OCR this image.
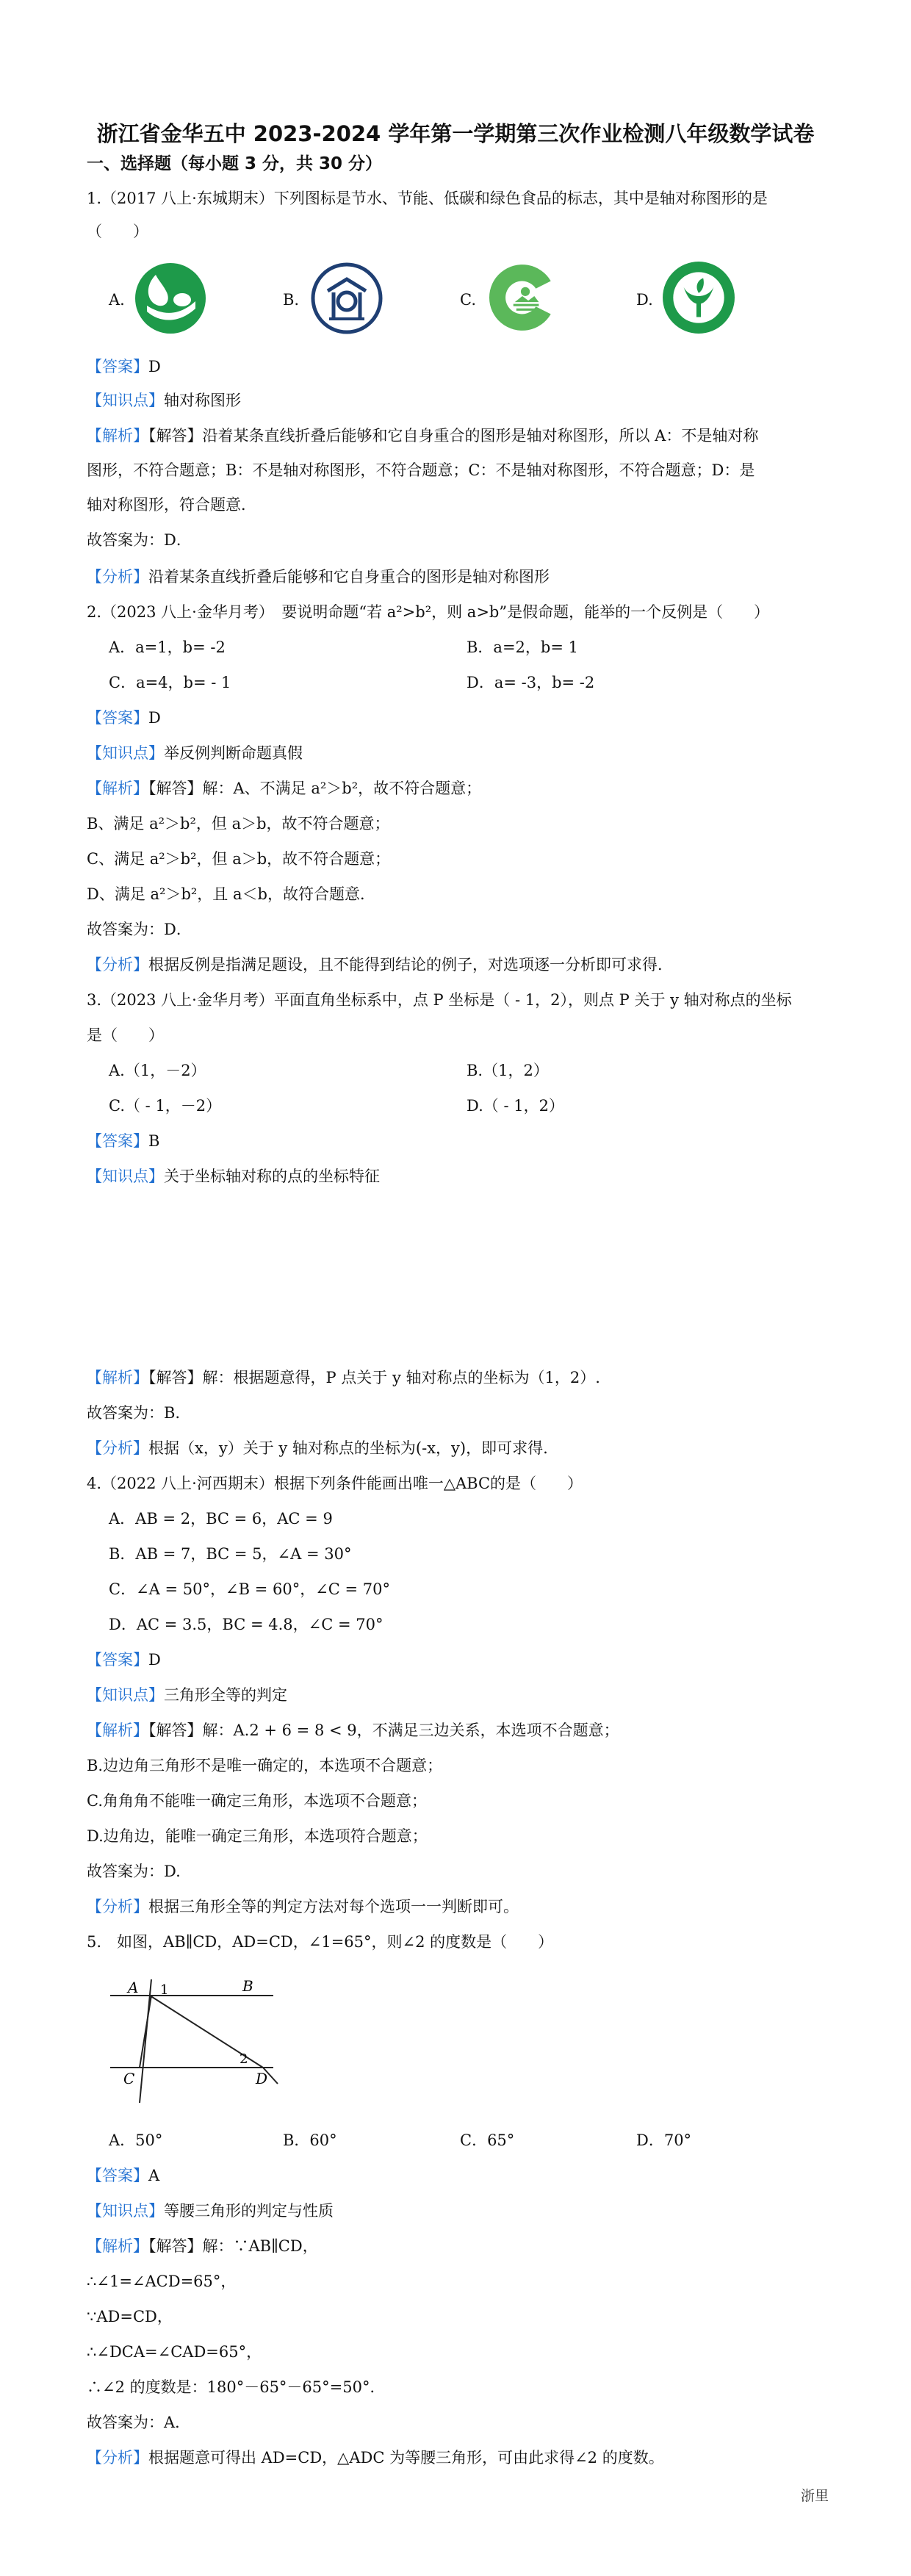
浙江省金华五中 2023-2024 学年第一学期第三次作业检测八年级数学试卷
一、选择题（每小题 3 分，共 30 分）
1.（2017 八上·东城期末）下列图标是节水、节能、低碳和绿色食品的标志，其中是轴对称图形的是
（　　）
A.	B.	C.	D.
【答案】D
【知识点】轴对称图形
【解析】【解答】沿着某条直线折叠后能够和它自身重合的图形是轴对称图形，所以 A：不是轴对称
图形，不符合题意；B：不是轴对称图形，不符合题意；C：不是轴对称图形，不符合题意；D：是
轴对称图形，符合题意．
故答案为：D．
【分析】沿着某条直线折叠后能够和它自身重合的图形是轴对称图形
2.（2023 八上·金华月考）　要说明命题“若 a²>b²，则 a>b”是假命题，能举的一个反例是（　　）
A．a=1，b= -2	B．a=2，b= 1
C．a=4，b= - 1	D．a= -3，b= -2
【答案】D
【知识点】举反例判断命题真假
【解析】【解答】解：A、不满足 a²＞b²，故不符合题意；
B、满足 a²＞b²，但 a＞b，故不符合题意；
C、满足 a²＞b²，但 a＞b，故不符合题意；
D、满足 a²＞b²，且 a＜b，故符合题意．
故答案为：D．
【分析】根据反例是指满足题设，且不能得到结论的例子，对选项逐一分析即可求得．
3.（2023 八上·金华月考）平面直角坐标系中，点 P 坐标是（ - 1，2），则点 P 关于 y 轴对称点的坐标
是（　　）
A.（1，－2）	B.（1，2）
C.（ - 1，－2）	D.（ - 1，2）
【答案】B
【知识点】关于坐标轴对称的点的坐标特征
【解析】【解答】解：根据题意得，P 点关于 y 轴对称点的坐标为（1，2）.
故答案为：B.
【分析】根据（x，y）关于 y 轴对称点的坐标为(-x，y)，即可求得.
4.（2022 八上·河西期末）根据下列条件能画出唯一△ABC的是（　　）
A．AB = 2，BC = 6，AC = 9
B．AB = 7，BC = 5，∠A = 30°
C．∠A = 50°，∠B = 60°，∠C = 70°
D．AC = 3.5，BC = 4.8，∠C = 70°
【答案】D
【知识点】三角形全等的判定
【解析】【解答】解：A.2 + 6 = 8 < 9，不满足三边关系，本选项不合题意；
B.边边角三角形不是唯一确定的，本选项不合题意；
C.角角角不能唯一确定三角形，本选项不合题意；
D.边角边，能唯一确定三角形，本选项符合题意；
故答案为：D.
【分析】根据三角形全等的判定方法对每个选项一一判断即可。
5.　如图，AB∥CD，AD=CD，∠1=65°，则∠2 的度数是（　　）
A 1	B
C
2
D
A．50°	B．60°	C．65°	D．70°
【答案】A
【知识点】等腰三角形的判定与性质
【解析】【解答】解：∵AB∥CD，
∴∠1=∠ACD=65°，
∵AD=CD，
∴∠DCA=∠CAD=65°，
∴∠2 的度数是：180°－65°－65°=50°．
故答案为：A．
【分析】根据题意可得出 AD=CD，△ADC 为等腰三角形，可由此求得∠2 的度数。
浙里
